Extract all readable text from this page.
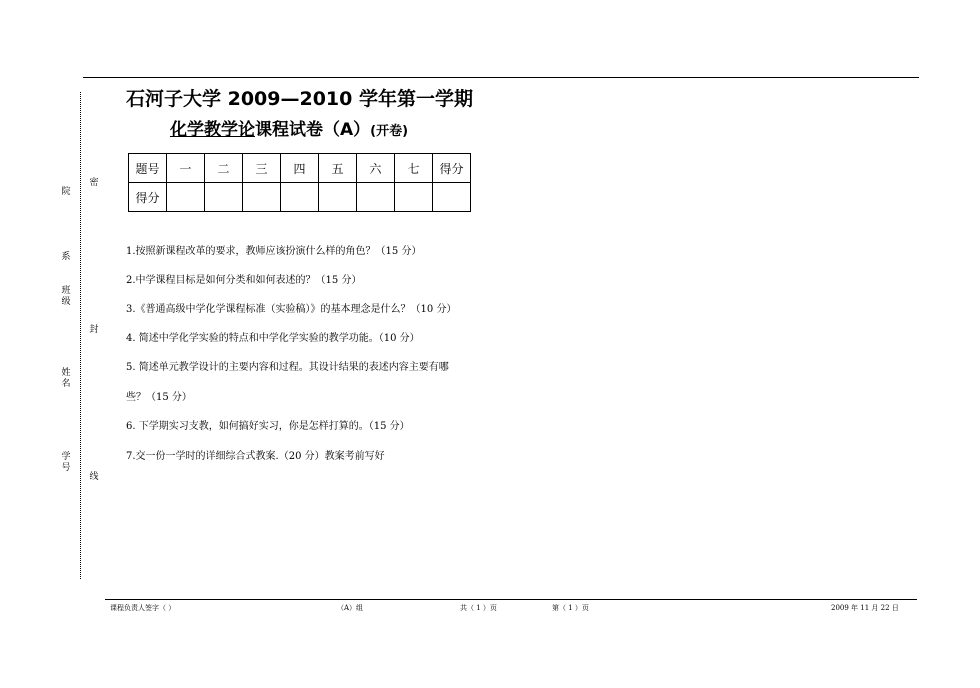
院
密
系
班级
封
姓名
学号
线
石河子大学 2009—2010 学年第一学期
化学教学论课程试卷（A）(开卷)
题号	一	二	三	四	五	六	七	得分
得分								
1.按照新课程改革的要求，教师应该扮演什么样的角色？（15 分）
2.中学课程目标是如何分类和如何表述的？（15 分）
3.《普通高级中学化学课程标准（实验稿）》的基本理念是什么？（10 分）
4. 简述中学化学实验的特点和中学化学实验的教学功能。（10 分）
5. 简述单元教学设计的主要内容和过程。其设计结果的表述内容主要有哪
些？（15 分）
6. 下学期实习支教，如何搞好实习，你是怎样打算的。（15 分）
7.交一份一学时的详细综合式教案.（20 分）教案考前写好
课程负责人签字（ ）	（A）组	共（ 1 ）页	第（ 1 ）页	2009 年 11 月 22 日
